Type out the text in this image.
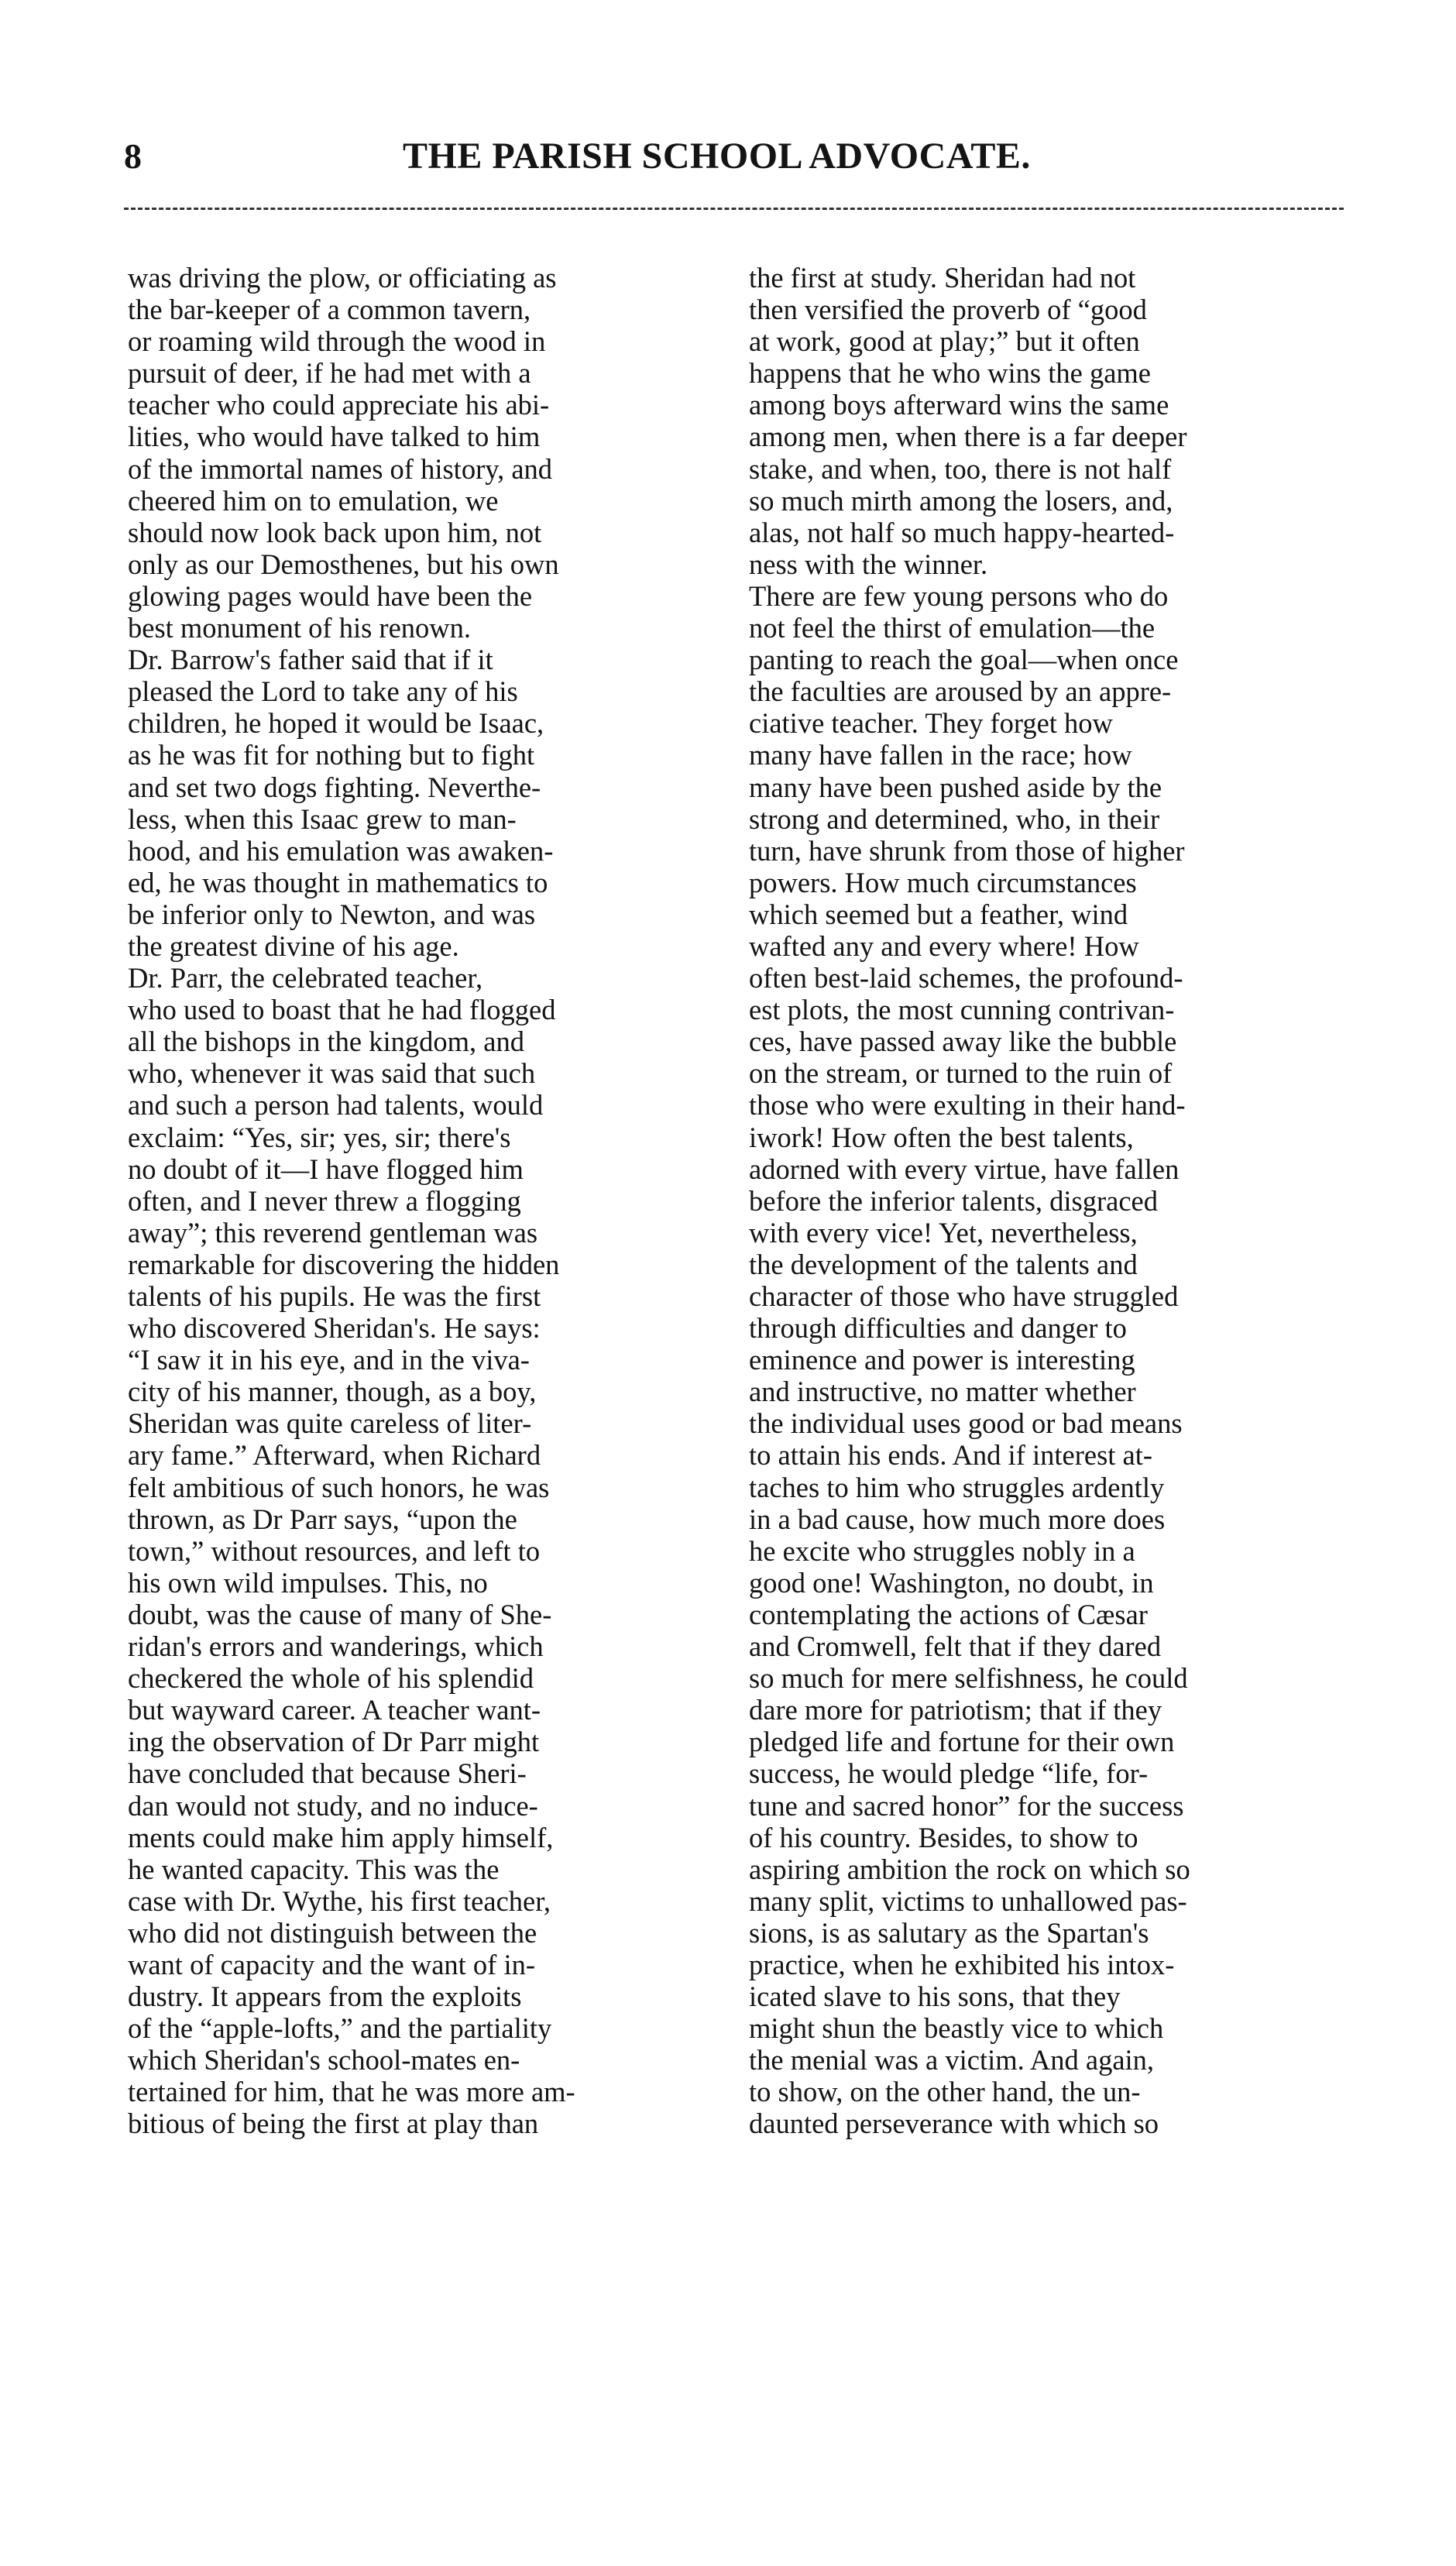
8	THE PARISH SCHOOL ADVOCATE.

was driving the plow, or officiating as
the bar-keeper of a common tavern,
or roaming wild through the wood in
pursuit of deer, if he had met with a
teacher who could appreciate his abi-
lities, who would have talked to him
of the immortal names of history, and
cheered him on to emulation, we
should now look back upon him, not
only as our Demosthenes, but his own
glowing pages would have been the
best monument of his renown.

Dr. Barrow's father said that if it
pleased the Lord to take any of his
children, he hoped it would be Isaac,
as he was fit for nothing but to fight
and set two dogs fighting. Neverthe-
less, when this Isaac grew to man-
hood, and his emulation was awaken-
ed, he was thought in mathematics to
be inferior only to Newton, and was
the greatest divine of his age.

Dr. Parr, the celebrated teacher,
who used to boast that he had flogged
all the bishops in the kingdom, and
who, whenever it was said that such
and such a person had talents, would
exclaim: “Yes, sir; yes, sir; there's
no doubt of it—I have flogged him
often, and I never threw a flogging
away”; this reverend gentleman was
remarkable for discovering the hidden
talents of his pupils. He was the first
who discovered Sheridan's. He says:
“I saw it in his eye, and in the viva-
city of his manner, though, as a boy,
Sheridan was quite careless of liter-
ary fame.” Afterward, when Richard
felt ambitious of such honors, he was
thrown, as Dr Parr says, “upon the
town,” without resources, and left to
his own wild impulses. This, no
doubt, was the cause of many of She-
ridan's errors and wanderings, which
checkered the whole of his splendid
but wayward career. A teacher want-
ing the observation of Dr Parr might
have concluded that because Sheri-
dan would not study, and no induce-
ments could make him apply himself,
he wanted capacity. This was the
case with Dr. Wythe, his first teacher,
who did not distinguish between the
want of capacity and the want of in-
dustry. It appears from the exploits
of the “apple-lofts,” and the partiality
which Sheridan's school-mates en-
tertained for him, that he was more am-
bitious of being the first at play than

the first at study. Sheridan had not
then versified the proverb of “good
at work, good at play;” but it often
happens that he who wins the game
among boys afterward wins the same
among men, when there is a far deeper
stake, and when, too, there is not half
so much mirth among the losers, and,
alas, not half so much happy-hearted-
ness with the winner.

There are few young persons who do
not feel the thirst of emulation—the
panting to reach the goal—when once
the faculties are aroused by an appre-
ciative teacher. They forget how
many have fallen in the race; how
many have been pushed aside by the
strong and determined, who, in their
turn, have shrunk from those of higher
powers. How much circumstances
which seemed but a feather, wind
wafted any and every where! How
often best-laid schemes, the profound-
est plots, the most cunning contrivan-
ces, have passed away like the bubble
on the stream, or turned to the ruin of
those who were exulting in their hand-
iwork! How often the best talents,
adorned with every virtue, have fallen
before the inferior talents, disgraced
with every vice! Yet, nevertheless,
the development of the talents and
character of those who have struggled
through difficulties and danger to
eminence and power is interesting
and instructive, no matter whether
the individual uses good or bad means
to attain his ends. And if interest at-
taches to him who struggles ardently
in a bad cause, how much more does
he excite who struggles nobly in a
good one! Washington, no doubt, in
contemplating the actions of Cæsar
and Cromwell, felt that if they dared
so much for mere selfishness, he could
dare more for patriotism; that if they
pledged life and fortune for their own
success, he would pledge “life, for-
tune and sacred honor” for the success
of his country. Besides, to show to
aspiring ambition the rock on which so
many split, victims to unhallowed pas-
sions, is as salutary as the Spartan's
practice, when he exhibited his intox-
icated slave to his sons, that they
might shun the beastly vice to which
the menial was a victim. And again,
to show, on the other hand, the un-
daunted perseverance with which so
